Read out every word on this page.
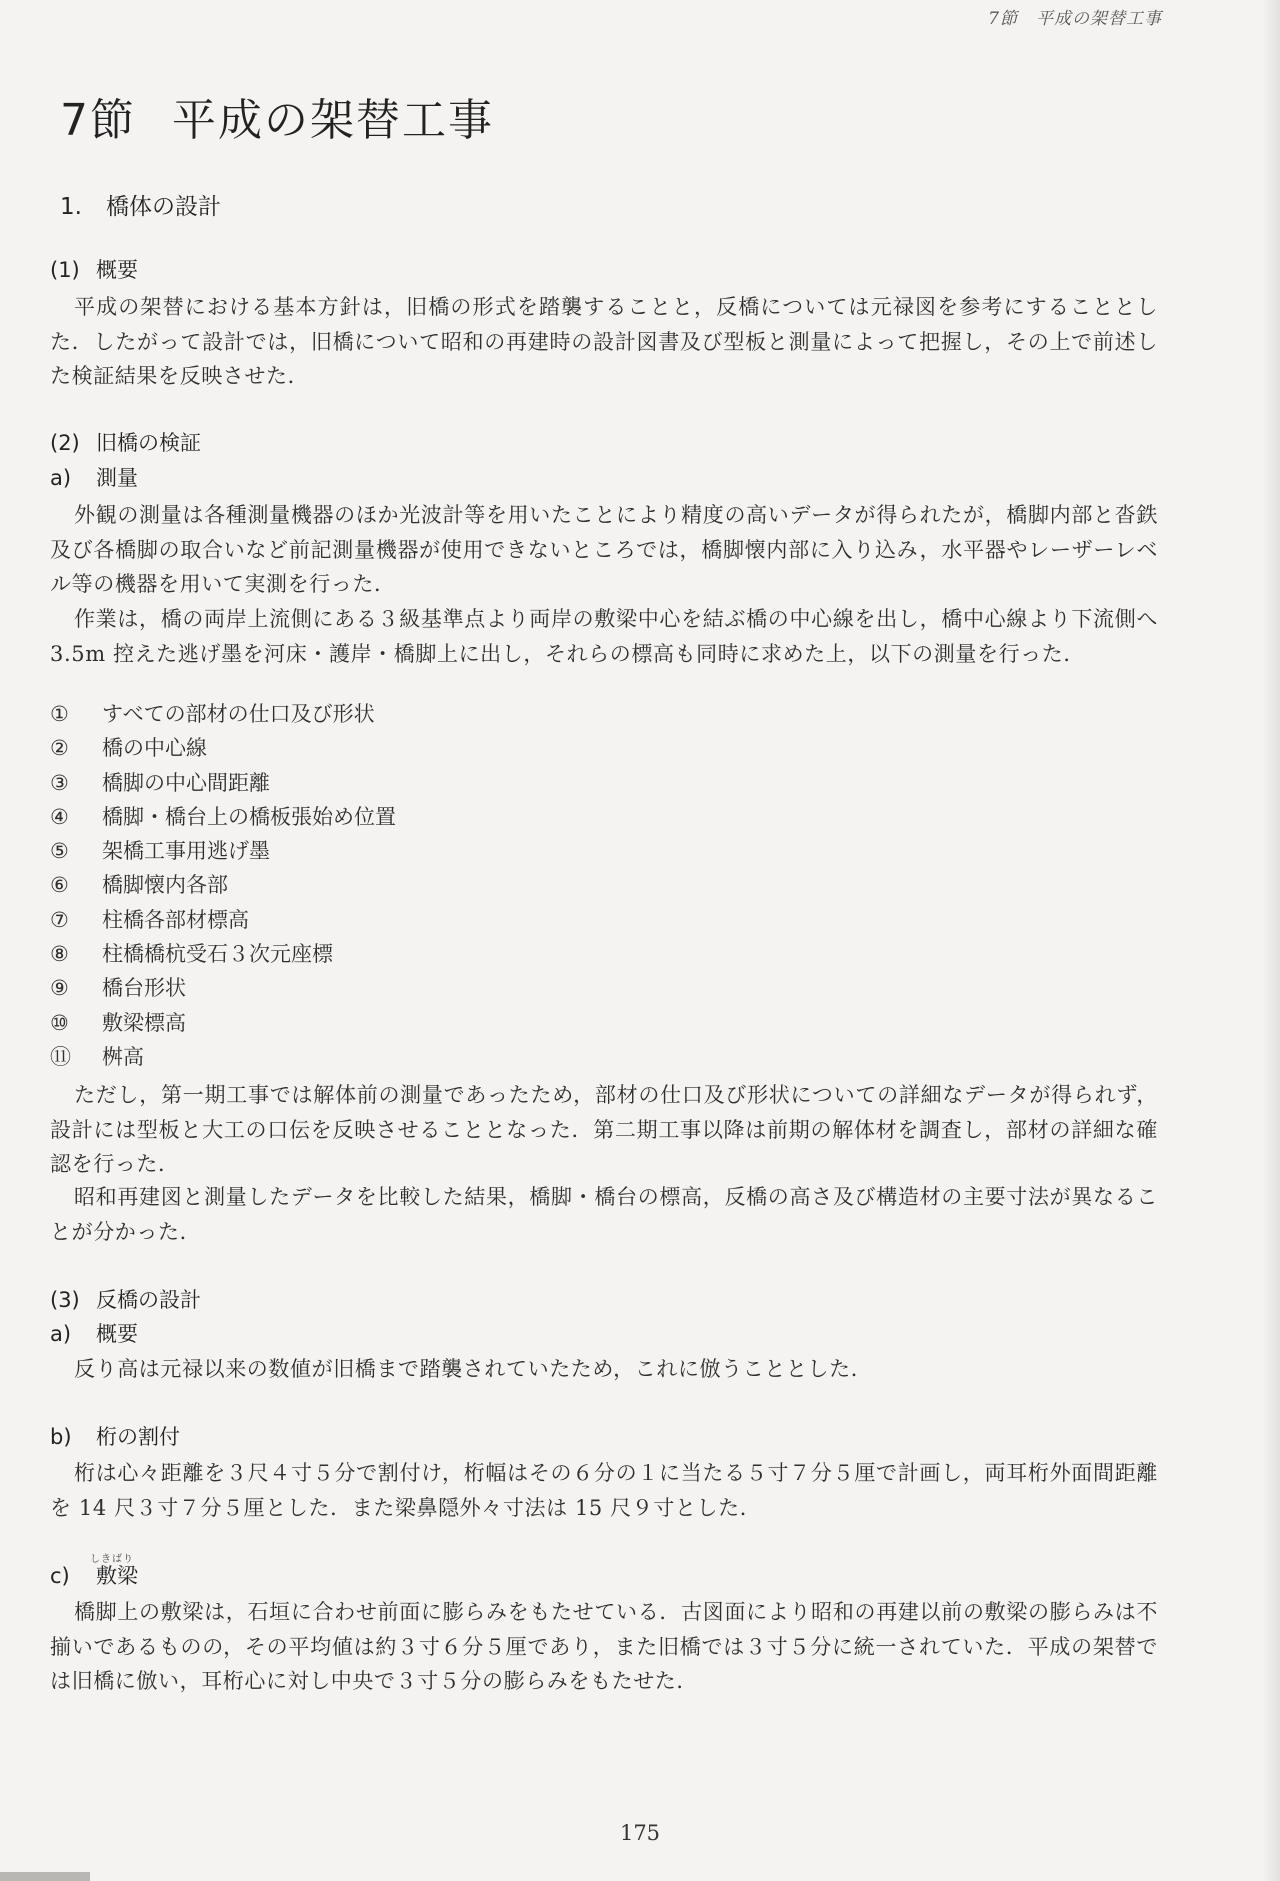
7節　平成の架替工事
7節 平成の架替工事
1. 橋体の設計
(1) 概要

平成の架替における基本方針は，旧橋の形式を踏襲することと，反橋については元禄図を参考にすることとした．したがって設計では，旧橋について昭和の再建時の設計図書及び型板と測量によって把握し，その上で前述した検証結果を反映させた．

(2) 旧橋の検証
a) 測量

外観の測量は各種測量機器のほか光波計等を用いたことにより精度の高いデータが得られたが，橋脚内部と沓鉄及び各橋脚の取合いなど前記測量機器が使用できないところでは，橋脚懐内部に入り込み，水平器やレーザーレベル等の機器を用いて実測を行った．

作業は，橋の両岸上流側にある３級基準点より両岸の敷梁中心を結ぶ橋の中心線を出し，橋中心線より下流側へ 3.5m 控えた逃げ墨を河床・護岸・橋脚上に出し，それらの標高も同時に求めた上，以下の測量を行った．

① すべての部材の仕口及び形状
② 橋の中心線
③ 橋脚の中心間距離
④ 橋脚・橋台上の橋板張始め位置
⑤ 架橋工事用逃げ墨
⑥ 橋脚懐内各部
⑦ 柱橋各部材標高
⑧ 柱橋橋杭受石３次元座標
⑨ 橋台形状
⑩ 敷梁標高
⑪ 桝高

ただし，第一期工事では解体前の測量であったため，部材の仕口及び形状についての詳細なデータが得られず，設計には型板と大工の口伝を反映させることとなった．第二期工事以降は前期の解体材を調査し，部材の詳細な確認を行った．

昭和再建図と測量したデータを比較した結果，橋脚・橋台の標高，反橋の高さ及び構造材の主要寸法が異なることが分かった．

(3) 反橋の設計
a) 概要

反り高は元禄以来の数値が旧橋まで踏襲されていたため，これに倣うこととした．

b) 桁の割付

桁は心々距離を３尺４寸５分で割付け，桁幅はその６分の１に当たる５寸７分５厘で計画し，両耳桁外面間距離を 14 尺３寸７分５厘とした．また梁鼻隠外々寸法は 15 尺９寸とした．

しきばり
c) 敷梁

橋脚上の敷梁は，石垣に合わせ前面に膨らみをもたせている．古図面により昭和の再建以前の敷梁の膨らみは不揃いであるものの，その平均値は約３寸６分５厘であり，また旧橋では３寸５分に統一されていた．平成の架替では旧橋に倣い，耳桁心に対し中央で３寸５分の膨らみをもたせた．

175
